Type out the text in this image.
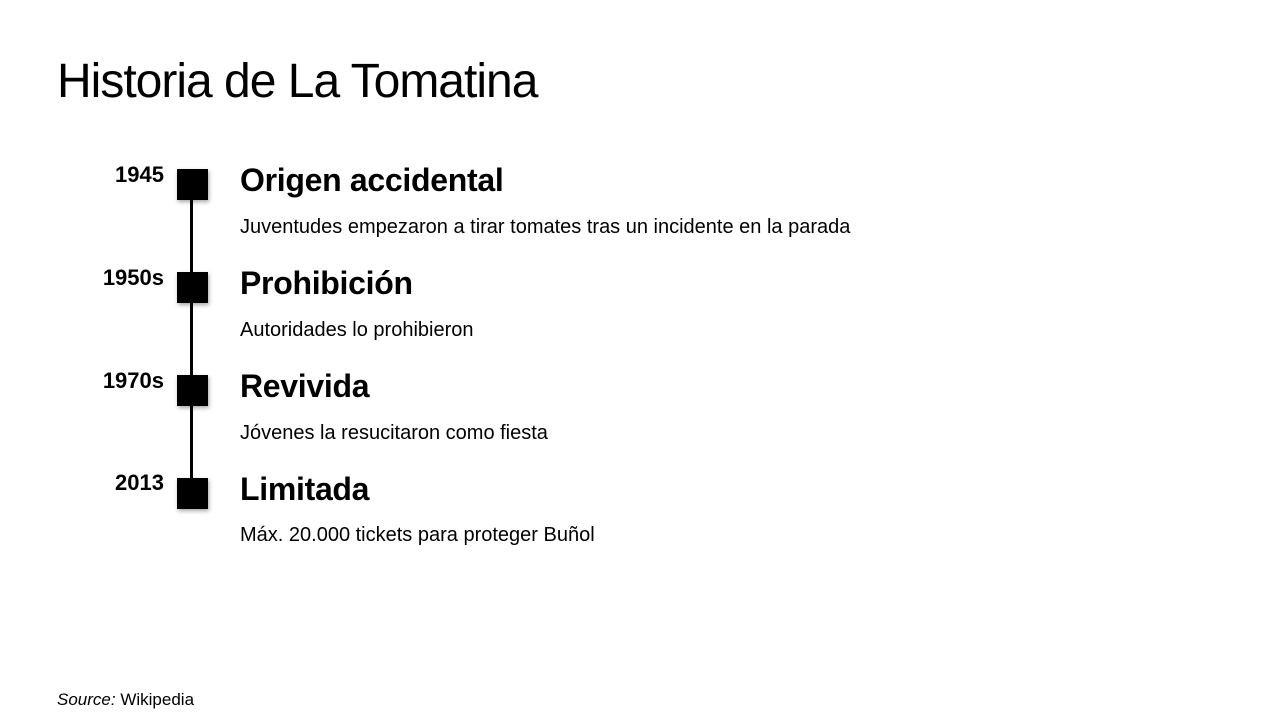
Historia de La Tomatina
1945 Origen accidental
Juventudes empezaron a tirar tomates tras un incidente en la parada
1950s Prohibición
Autoridades lo prohibieron
1970s Revivida
Jóvenes la resucitaron como fiesta
2013 Limitada
Máx. 20.000 tickets para proteger Buñol
Source: Wikipedia
